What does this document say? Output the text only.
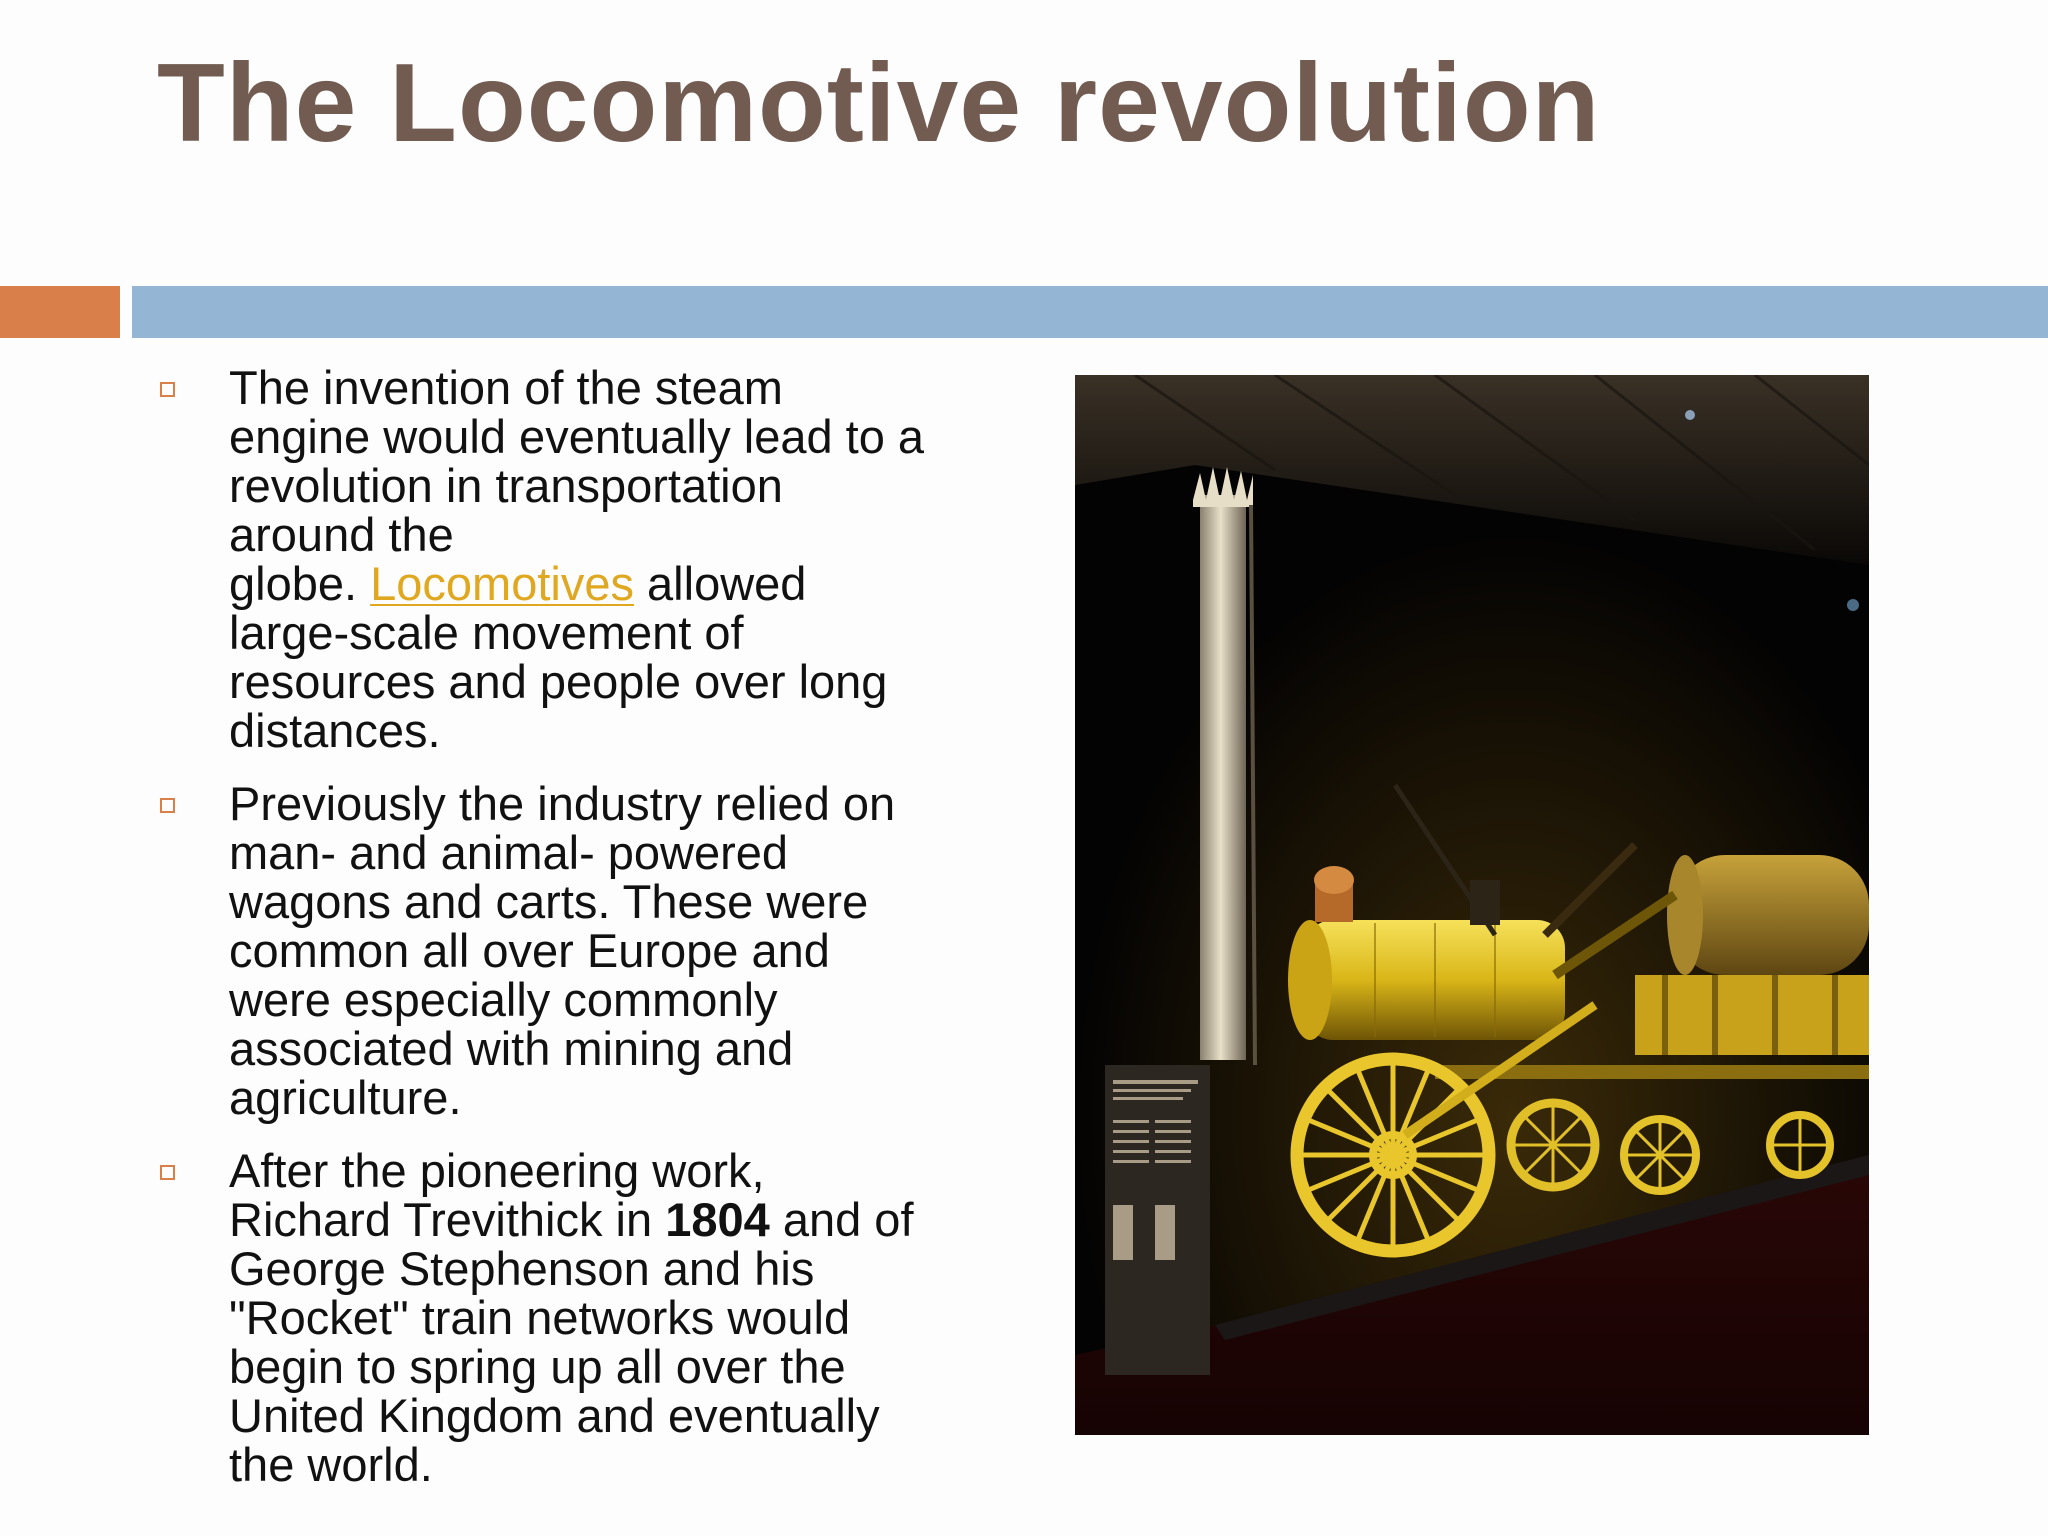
The Locomotive revolution
The invention of the steam
engine would eventually lead to a
revolution in transportation
around the
globe. Locomotives allowed
large-scale movement of
resources and people over long
distances.
Previously the industry relied on
man- and animal- powered
wagons and carts. These were
common all over Europe and
were especially commonly
associated with mining and
agriculture.
After the pioneering work,
Richard Trevithick in 1804 and of
George Stephenson and his
"Rocket" train networks would
begin to spring up all over the
United Kingdom and eventually
the world.
